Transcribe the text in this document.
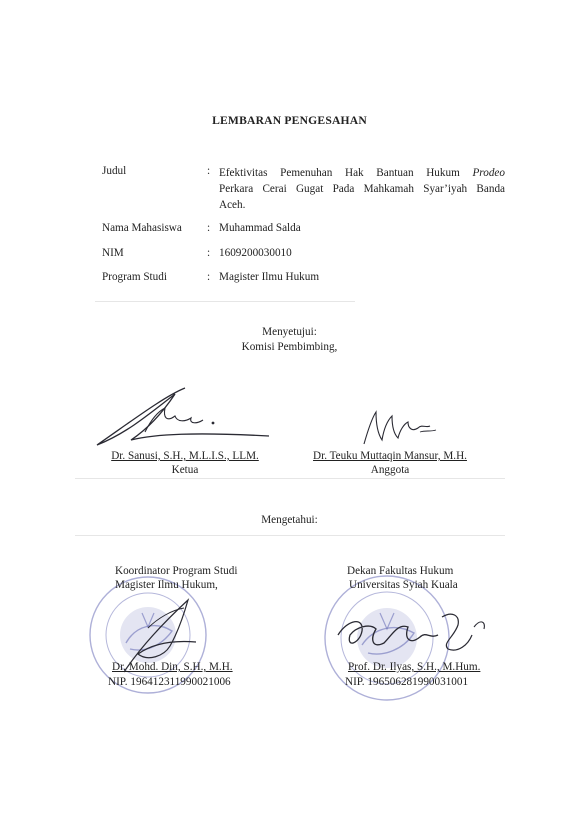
LEMBARAN PENGESAHAN
Judul	: Efektivitas Pemenuhan Hak Bantuan Hukum Prodeo
Perkara Cerai Gugat Pada Mahkamah Syar’iyah Banda
Aceh.
Nama Mahasiswa : Muhammad Salda
NIM	: 1609200030010
Program Studi	: Magister Ilmu Hukum
Menyetujui:
Komisi Pembimbing,
Dr. Sanusi, S.H., M.L.I.S., LLM.
Ketua
Dr. Teuku Muttaqin Mansur, M.H.
Anggota
Mengetahui:
Koordinator Program Studi
Magister Ilmu Hukum,
Dr. Mohd. Din, S.H., M.H.
NIP. 196412311990021006
Dekan Fakultas Hukum
Universitas Syiah Kuala
Prof. Dr. Ilyas, S.H., M.Hum.
NIP. 196506281990031001
